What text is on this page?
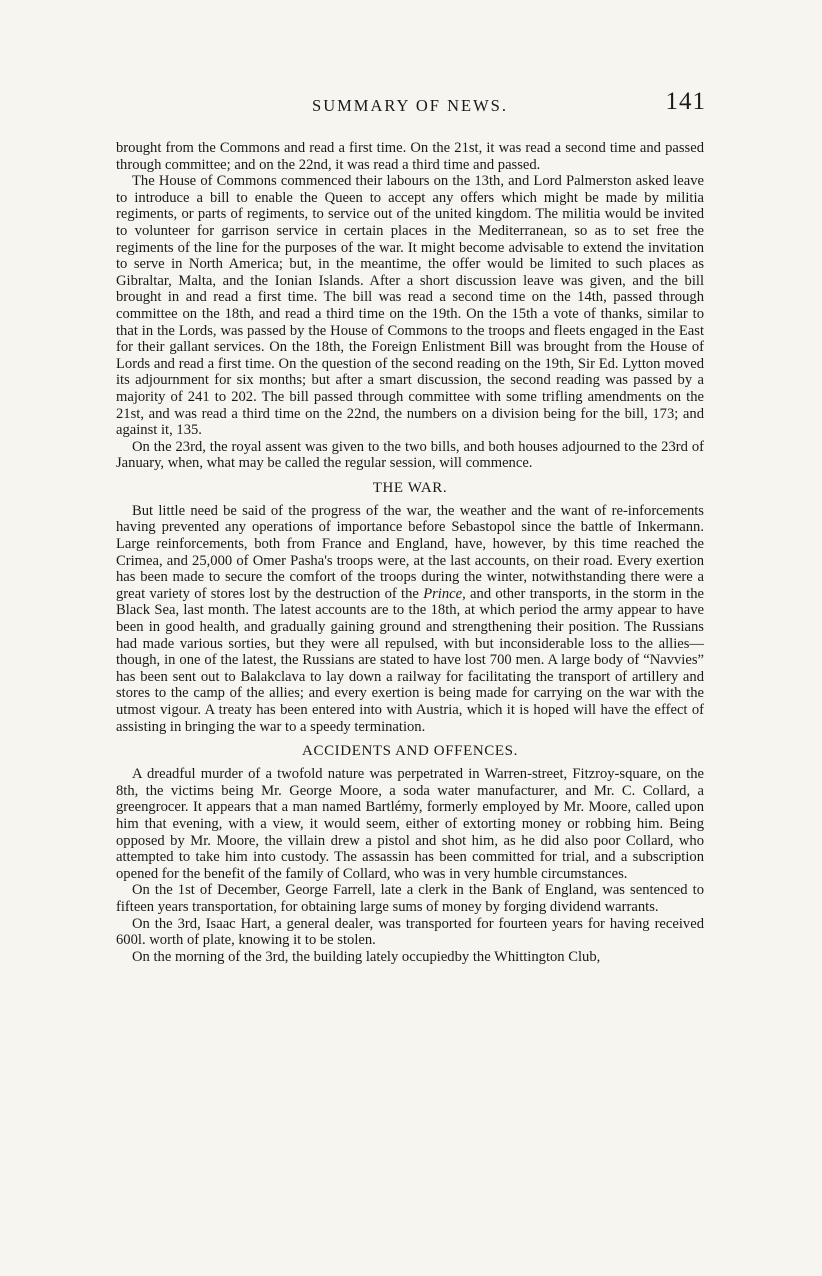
SUMMARY OF NEWS.	141

brought from the Commons and read a first time. On the 21st, it was read a second time and passed through committee; and on the 22nd, it was read a third time and passed.

The House of Commons commenced their labours on the 13th, and Lord Palmerston asked leave to introduce a bill to enable the Queen to accept any offers which might be made by militia regiments, or parts of regiments, to service out of the united kingdom. The militia would be invited to volunteer for garrison service in certain places in the Mediterranean, so as to set free the regiments of the line for the purposes of the war. It might become advisable to extend the invitation to serve in North America; but, in the meantime, the offer would be limited to such places as Gibraltar, Malta, and the Ionian Islands. After a short discussion leave was given, and the bill brought in and read a first time. The bill was read a second time on the 14th, passed through committee on the 18th, and read a third time on the 19th. On the 15th a vote of thanks, similar to that in the Lords, was passed by the House of Commons to the troops and fleets engaged in the East for their gallant services. On the 18th, the Foreign Enlistment Bill was brought from the House of Lords and read a first time. On the question of the second reading on the 19th, Sir Ed. Lytton moved its adjournment for six months; but after a smart discussion, the second reading was passed by a majority of 241 to 202. The bill passed through committee with some trifling amendments on the 21st, and was read a third time on the 22nd, the numbers on a division being for the bill, 173; and against it, 135.

On the 23rd, the royal assent was given to the two bills, and both houses adjourned to the 23rd of January, when, what may be called the regular session, will commence.

THE WAR.

But little need be said of the progress of the war, the weather and the want of re-inforcements having prevented any operations of importance before Sebastopol since the battle of Inkermann. Large reinforcements, both from France and England, have, however, by this time reached the Crimea, and 25,000 of Omer Pasha's troops were, at the last accounts, on their road. Every exertion has been made to secure the comfort of the troops during the winter, notwithstanding there were a great variety of stores lost by the destruction of the Prince, and other transports, in the storm in the Black Sea, last month. The latest accounts are to the 18th, at which period the army appear to have been in good health, and gradually gaining ground and strengthening their position. The Russians had made various sorties, but they were all repulsed, with but inconsiderable loss to the allies—though, in one of the latest, the Russians are stated to have lost 700 men. A large body of “Navvies” has been sent out to Balakclava to lay down a railway for facilitating the transport of artillery and stores to the camp of the allies; and every exertion is being made for carrying on the war with the utmost vigour. A treaty has been entered into with Austria, which it is hoped will have the effect of assisting in bringing the war to a speedy termination.

ACCIDENTS AND OFFENCES.

A dreadful murder of a twofold nature was perpetrated in Warren-street, Fitzroy-square, on the 8th, the victims being Mr. George Moore, a soda water manufacturer, and Mr. C. Collard, a greengrocer. It appears that a man named Bartlémy, formerly employed by Mr. Moore, called upon him that evening, with a view, it would seem, either of extorting money or robbing him. Being opposed by Mr. Moore, the villain drew a pistol and shot him, as he did also poor Collard, who attempted to take him into custody. The assassin has been committed for trial, and a subscription opened for the benefit of the family of Collard, who was in very humble circumstances.

On the 1st of December, George Farrell, late a clerk in the Bank of England, was sentenced to fifteen years transportation, for obtaining large sums of money by forging dividend warrants.

On the 3rd, Isaac Hart, a general dealer, was transported for fourteen years for having received 600l. worth of plate, knowing it to be stolen.

On the morning of the 3rd, the building lately occupiedby the Whittington Club,
